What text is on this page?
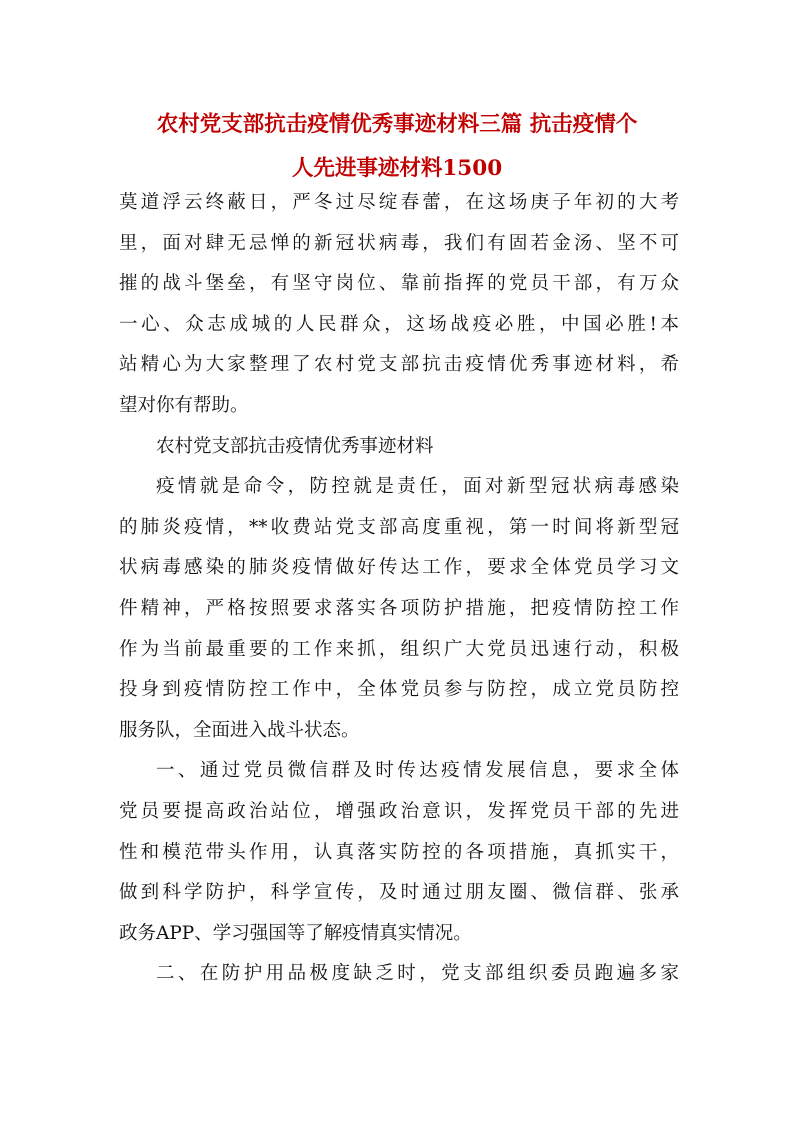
农村党支部抗击疫情优秀事迹材料三篇 抗击疫情个
人先进事迹材料1500

莫道浮云终蔽日，严冬过尽绽春蕾，在这场庚子年初的大考
里，面对肆无忌惮的新冠状病毒，我们有固若金汤、坚不可
摧的战斗堡垒，有坚守岗位、靠前指挥的党员干部，有万众
一心、众志成城的人民群众，这场战疫必胜，中国必胜!本
站精心为大家整理了农村党支部抗击疫情优秀事迹材料，希
望对你有帮助。

农村党支部抗击疫情优秀事迹材料

疫情就是命令，防控就是责任，面对新型冠状病毒感染
的肺炎疫情，**收费站党支部高度重视，第一时间将新型冠
状病毒感染的肺炎疫情做好传达工作，要求全体党员学习文
件精神，严格按照要求落实各项防护措施，把疫情防控工作
作为当前最重要的工作来抓，组织广大党员迅速行动，积极
投身到疫情防控工作中，全体党员参与防控，成立党员防控
服务队，全面进入战斗状态。

一、通过党员微信群及时传达疫情发展信息，要求全体
党员要提高政治站位，增强政治意识，发挥党员干部的先进
性和模范带头作用，认真落实防控的各项措施，真抓实干，
做到科学防护，科学宣传，及时通过朋友圈、微信群、张承
政务APP、学习强国等了解疫情真实情况。

二、在防护用品极度缺乏时，党支部组织委员跑遍多家
